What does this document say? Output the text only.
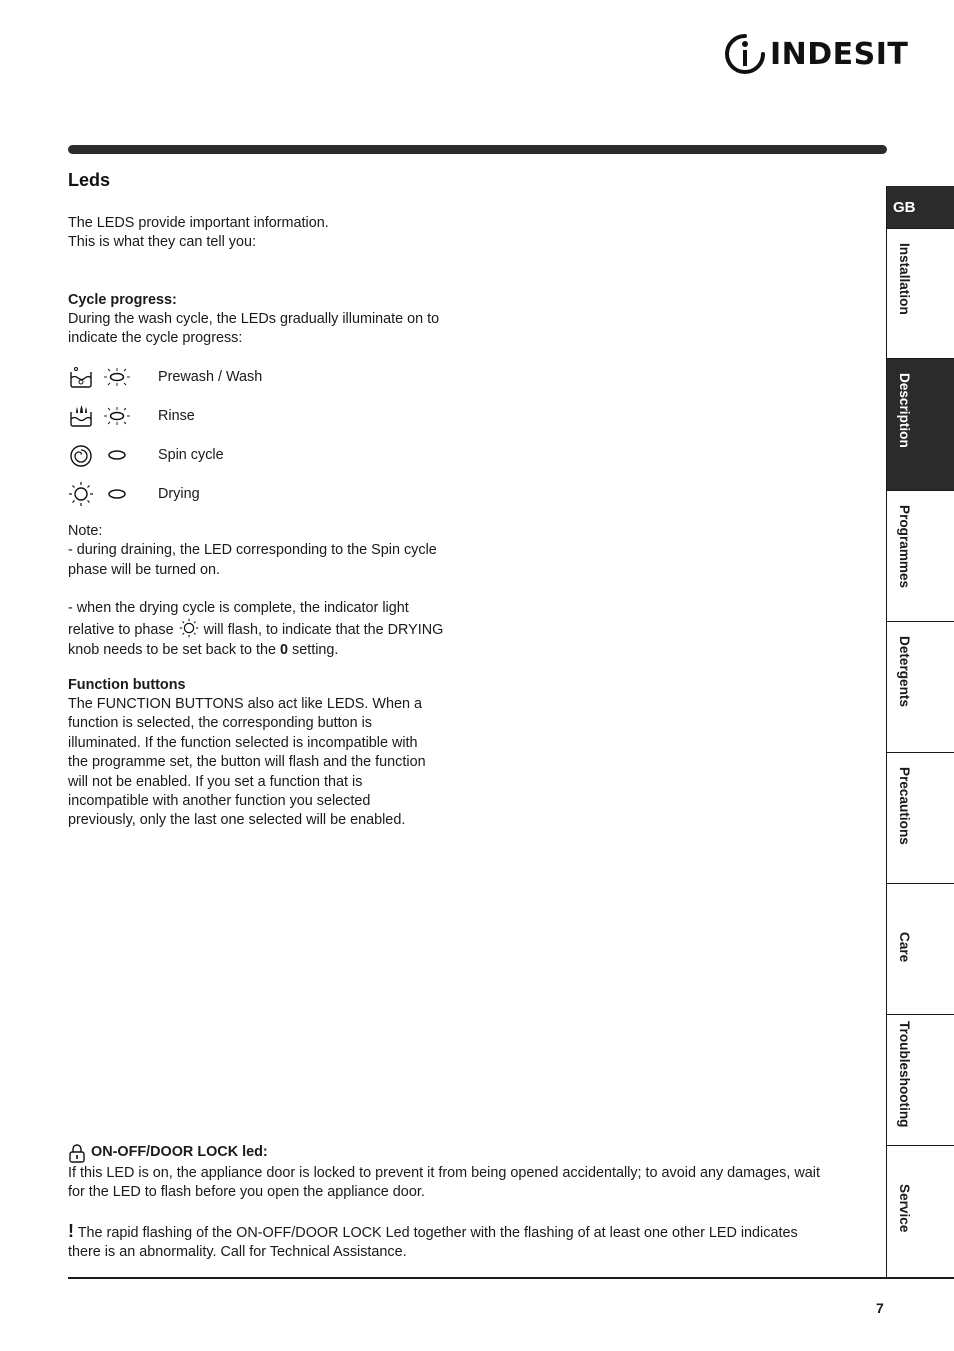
INDESIT
Leds

The LEDS provide important information.

This is what they can tell you:

Cycle progress:

During the wash cycle, the LEDs gradually illuminate on to indicate the cycle progress:

Prewash / Wash
Rinse
Spin cycle
Drying

Note:

- during draining, the LED corresponding to the Spin cycle phase will be turned on.

- when the drying cycle is complete, the indicator light relative to phase will flash, to indicate that the DRYING knob needs to be set back to the 0 setting.

Function buttons

The FUNCTION BUTTONS also act like LEDS. When a function is selected, the corresponding button is illuminated. If the function selected is incompatible with the programme set, the button will flash and the function will not be enabled. If you set a function that is incompatible with another function you selected previously, only the last one selected will be enabled.

ON-OFF/DOOR LOCK led:

If this LED is on, the appliance door is locked to prevent it from being opened accidentally; to avoid any damages, wait for the LED to flash before you open the appliance door.

! The rapid flashing of the ON-OFF/DOOR LOCK Led together with the flashing of at least one other LED indicates there is an abnormality. Call for Technical Assistance.

7
GB
Installation
Description
Programmes
Detergents
Precautions
Care
Troubleshooting
Service
